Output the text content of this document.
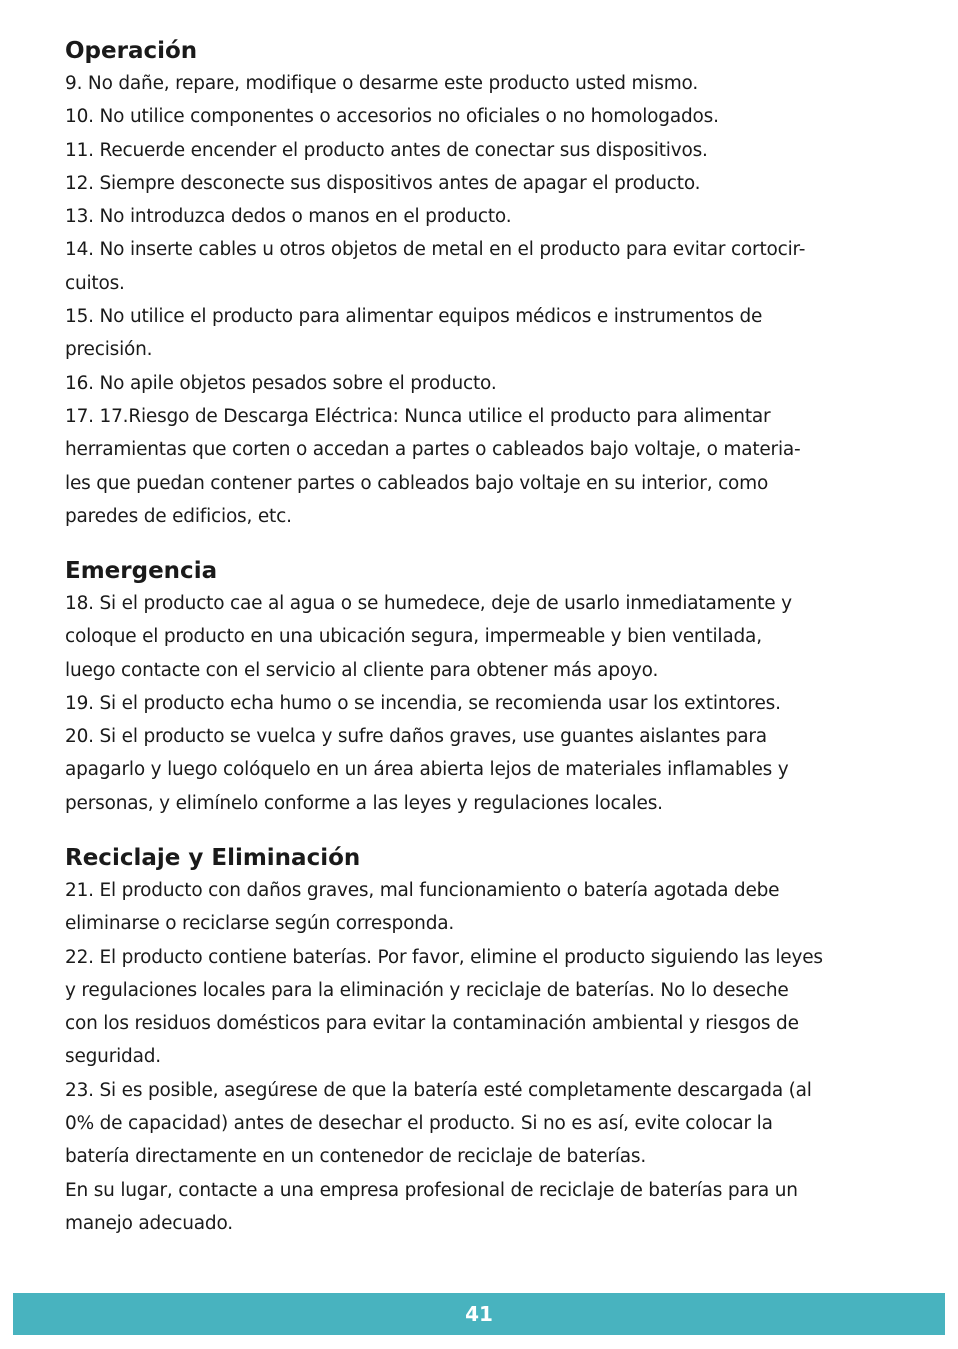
Operación
9. No dañe, repare, modifique o desarme este producto usted mismo.
10. No utilice componentes o accesorios no oficiales o no homologados.
11. Recuerde encender el producto antes de conectar sus dispositivos.
12. Siempre desconecte sus dispositivos antes de apagar el producto.
13. No introduzca dedos o manos en el producto.
14. No inserte cables u otros objetos de metal en el producto para evitar cortocir-
cuitos.
15. No utilice el producto para alimentar equipos médicos e instrumentos de
precisión.
16. No apile objetos pesados sobre el producto.
17. 17.Riesgo de Descarga Eléctrica: Nunca utilice el producto para alimentar
herramientas que corten o accedan a partes o cableados bajo voltaje, o materia-
les que puedan contener partes o cableados bajo voltaje en su interior, como
paredes de edificios, etc.
Emergencia
18. Si el producto cae al agua o se humedece, deje de usarlo inmediatamente y
coloque el producto en una ubicación segura, impermeable y bien ventilada,
luego contacte con el servicio al cliente para obtener más apoyo.
19. Si el producto echa humo o se incendia, se recomienda usar los extintores.
20. Si el producto se vuelca y sufre daños graves, use guantes aislantes para
apagarlo y luego colóquelo en un área abierta lejos de materiales inflamables y
personas, y elimínelo conforme a las leyes y regulaciones locales.
Reciclaje y Eliminación
21. El producto con daños graves, mal funcionamiento o batería agotada debe
eliminarse o reciclarse según corresponda.
22. El producto contiene baterías. Por favor, elimine el producto siguiendo las leyes
y regulaciones locales para la eliminación y reciclaje de baterías. No lo deseche
con los residuos domésticos para evitar la contaminación ambiental y riesgos de
seguridad.
23. Si es posible, asegúrese de que la batería esté completamente descargada (al
0% de capacidad) antes de desechar el producto. Si no es así, evite colocar la
batería directamente en un contenedor de reciclaje de baterías.
En su lugar, contacte a una empresa profesional de reciclaje de baterías para un
manejo adecuado.
41
